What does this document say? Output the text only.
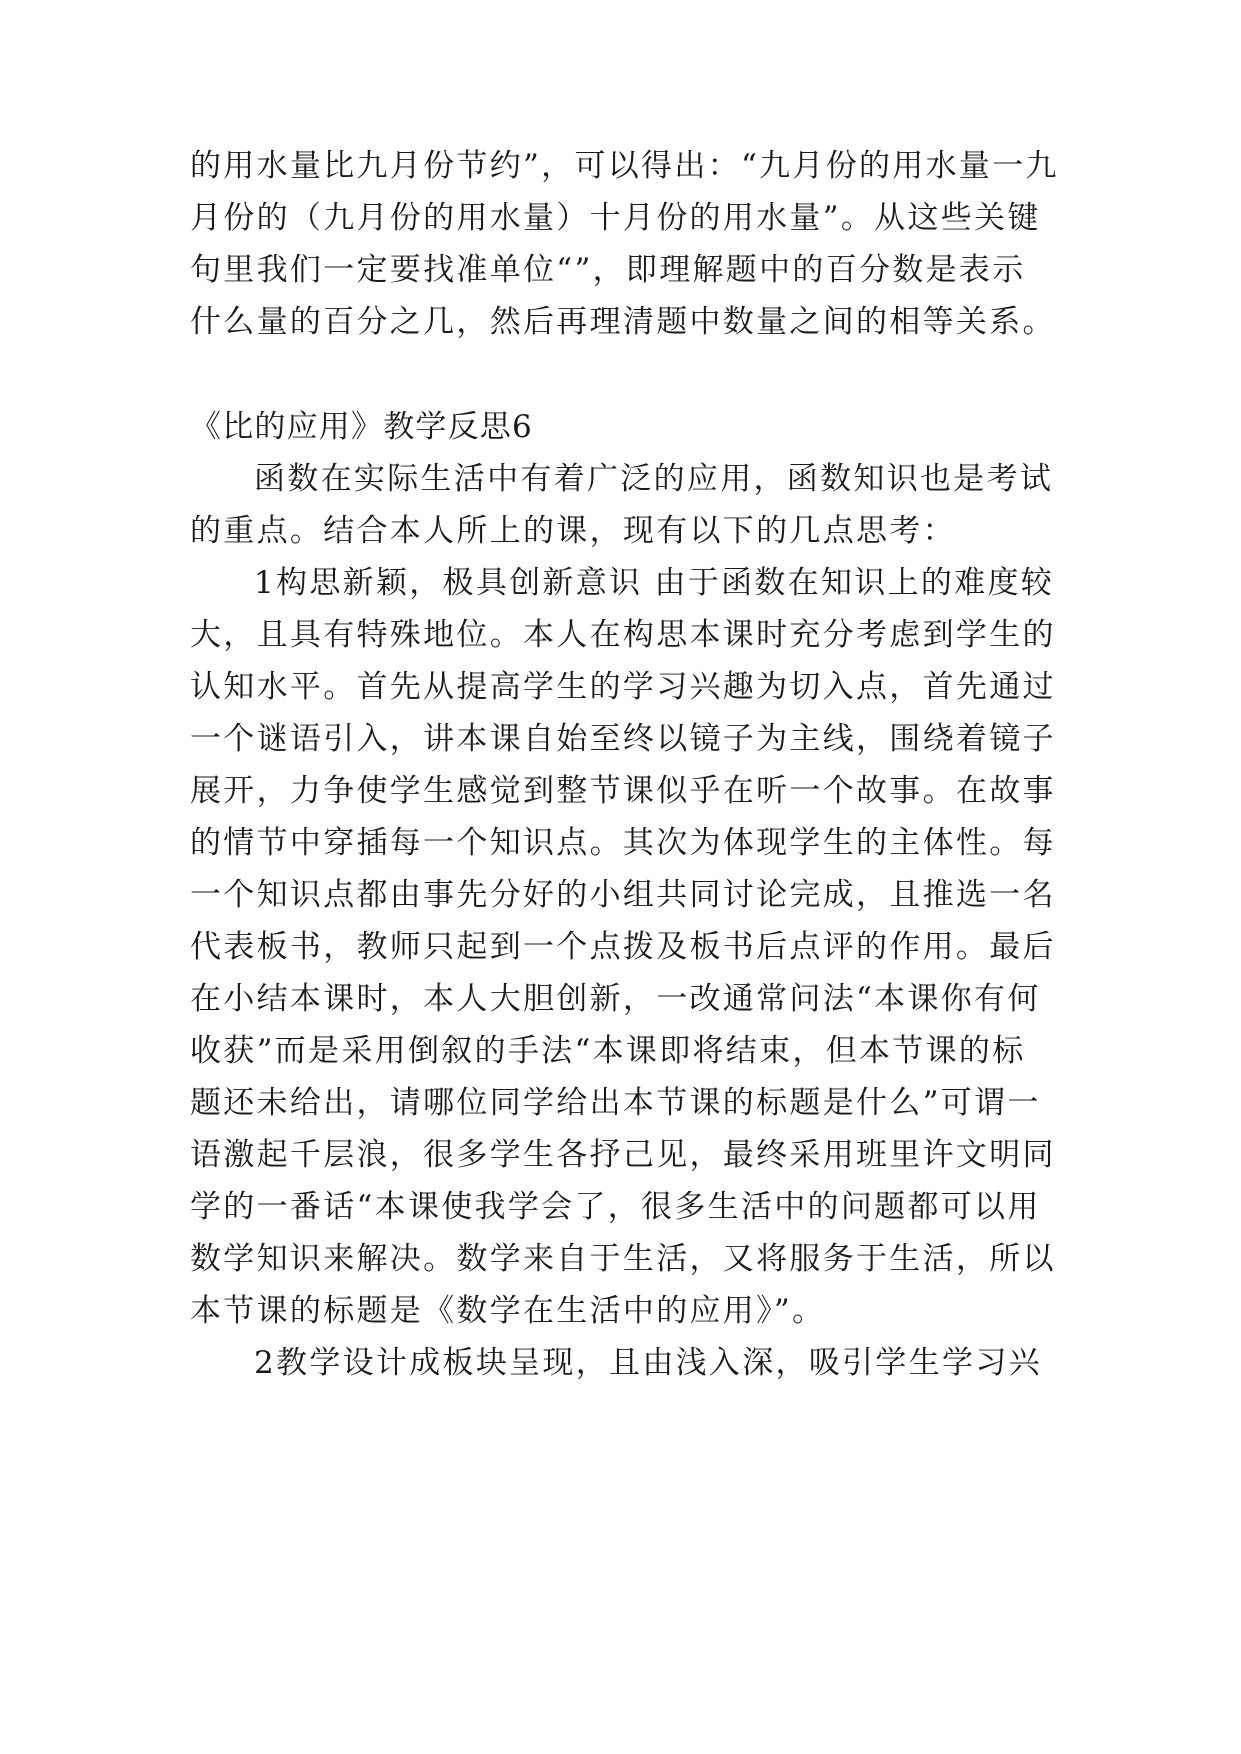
的用水量比九月份节约”，可以得出：“九月份的用水量一九
月份的（九月份的用水量）十月份的用水量”。从这些关键
句里我们一定要找准单位“”，即理解题中的百分数是表示
什么量的百分之几，然后再理清题中数量之间的相等关系。
《比的应用》教学反思6
函数在实际生活中有着广泛的应用，函数知识也是考试
的重点。结合本人所上的课，现有以下的几点思考：
1构思新颖，极具创新意识 由于函数在知识上的难度较
大，且具有特殊地位。本人在构思本课时充分考虑到学生的
认知水平。首先从提高学生的学习兴趣为切入点，首先通过
一个谜语引入，讲本课自始至终以镜子为主线，围绕着镜子
展开，力争使学生感觉到整节课似乎在听一个故事。在故事
的情节中穿插每一个知识点。其次为体现学生的主体性。每
一个知识点都由事先分好的小组共同讨论完成，且推选一名
代表板书，教师只起到一个点拨及板书后点评的作用。最后
在小结本课时，本人大胆创新，一改通常问法“本课你有何
收获”而是采用倒叙的手法“本课即将结束，但本节课的标
题还未给出，请哪位同学给出本节课的标题是什么”可谓一
语激起千层浪，很多学生各抒己见，最终采用班里许文明同
学的一番话“本课使我学会了，很多生活中的问题都可以用
数学知识来解决。数学来自于生活，又将服务于生活，所以
本节课的标题是《数学在生活中的应用》”。
2教学设计成板块呈现，且由浅入深，吸引学生学习兴
